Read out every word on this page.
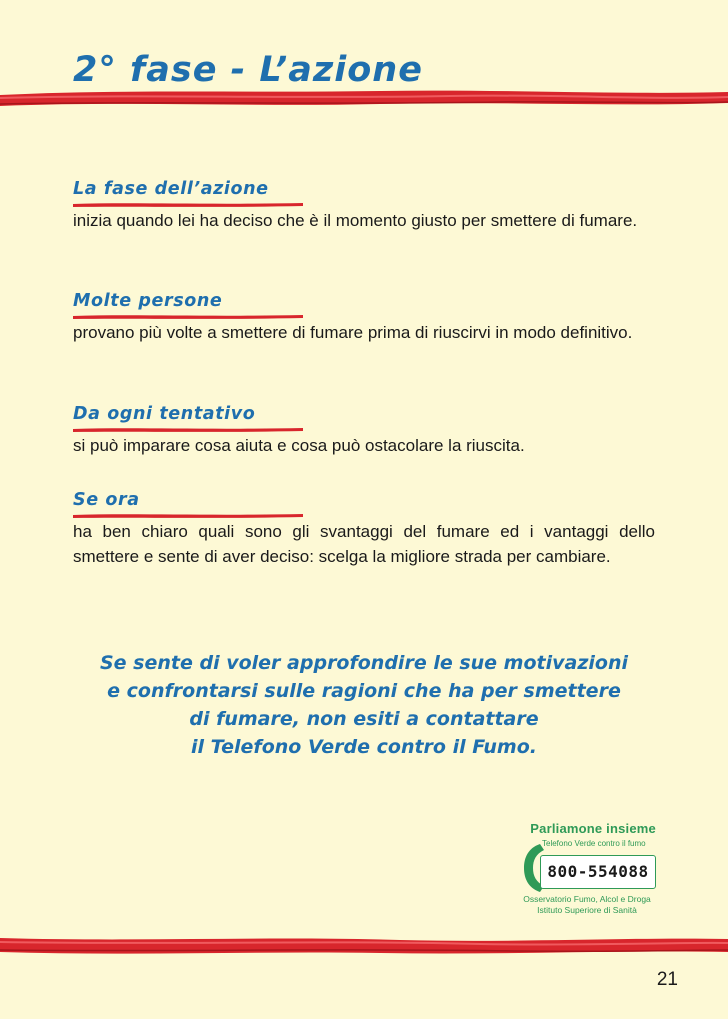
2° fase - L’azione
La fase dell’azione

inizia quando lei ha deciso che è il momento giusto per smettere di fumare.

Molte persone

provano più volte a smettere di fumare prima di riuscirvi in modo definitivo.

Da ogni tentativo

si può imparare cosa aiuta e cosa può ostacolare la riuscita.

Se ora

ha ben chiaro quali sono gli svantaggi del fumare ed i vantaggi dello smettere e sente di aver deciso: scelga la migliore strada per cambiare.

Se sente di voler approfondire le sue motivazioni
e confrontarsi sulle ragioni che ha per smettere
di fumare, non esiti a contattare
il Telefono Verde contro il Fumo.
Parliamone insieme
Telefono Verde contro il fumo
800-554088
Osservatorio Fumo, Alcol e Droga
Istituto Superiore di Sanità
21
